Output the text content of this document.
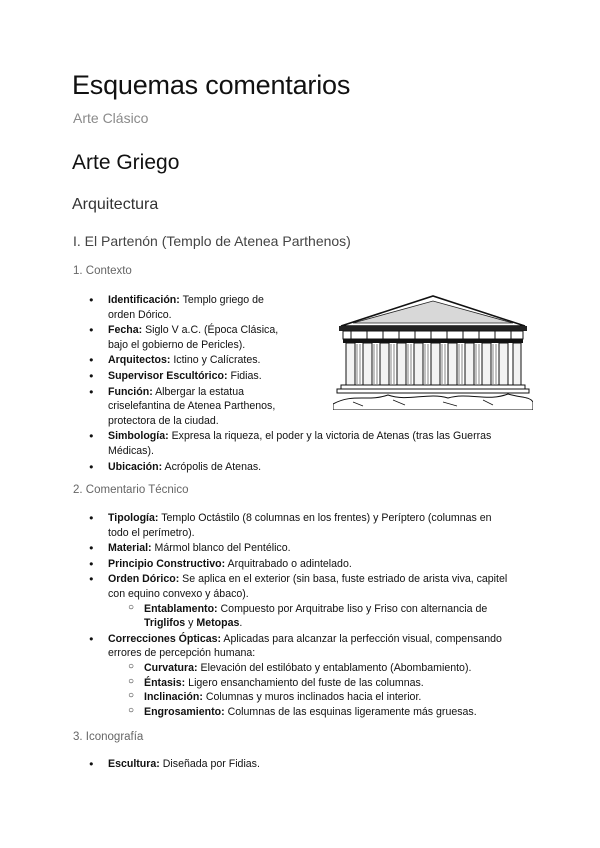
Esquemas comentarios
Arte Clásico
Arte Griego
Arquitectura
I. El Partenón (Templo de Atenea Parthenos)
1. Contexto
● Identificación: Templo griego de
orden Dórico.
● Fecha: Siglo V a.C. (Época Clásica,
bajo el gobierno de Pericles).
● Arquitectos: Ictino y Calícrates.
● Supervisor Escultórico: Fidias.
● Función: Albergar la estatua
criselefantina de Atenea Parthenos,
protectora de la ciudad.
● Simbología: Expresa la riqueza, el poder y la victoria de Atenas (tras las Guerras
Médicas).
● Ubicación: Acrópolis de Atenas.
2. Comentario Técnico
● Tipología: Templo Octástilo (8 columnas en los frentes) y Períptero (columnas en
todo el perímetro).
● Material: Mármol blanco del Pentélico.
● Principio Constructivo: Arquitrabado o adintelado.
● Orden Dórico: Se aplica en el exterior (sin basa, fuste estriado de arista viva, capitel
con equino convexo y ábaco).
○ Entablamento: Compuesto por Arquitrabe liso y Friso con alternancia de
Triglifos y Metopas.
● Correcciones Ópticas: Aplicadas para alcanzar la perfección visual, compensando
errores de percepción humana:
○ Curvatura: Elevación del estilóbato y entablamento (Abombamiento).
○ Éntasis: Ligero ensanchamiento del fuste de las columnas.
○ Inclinación: Columnas y muros inclinados hacia el interior.
○ Engrosamiento: Columnas de las esquinas ligeramente más gruesas.
3. Iconografía
● Escultura: Diseñada por Fidias.
